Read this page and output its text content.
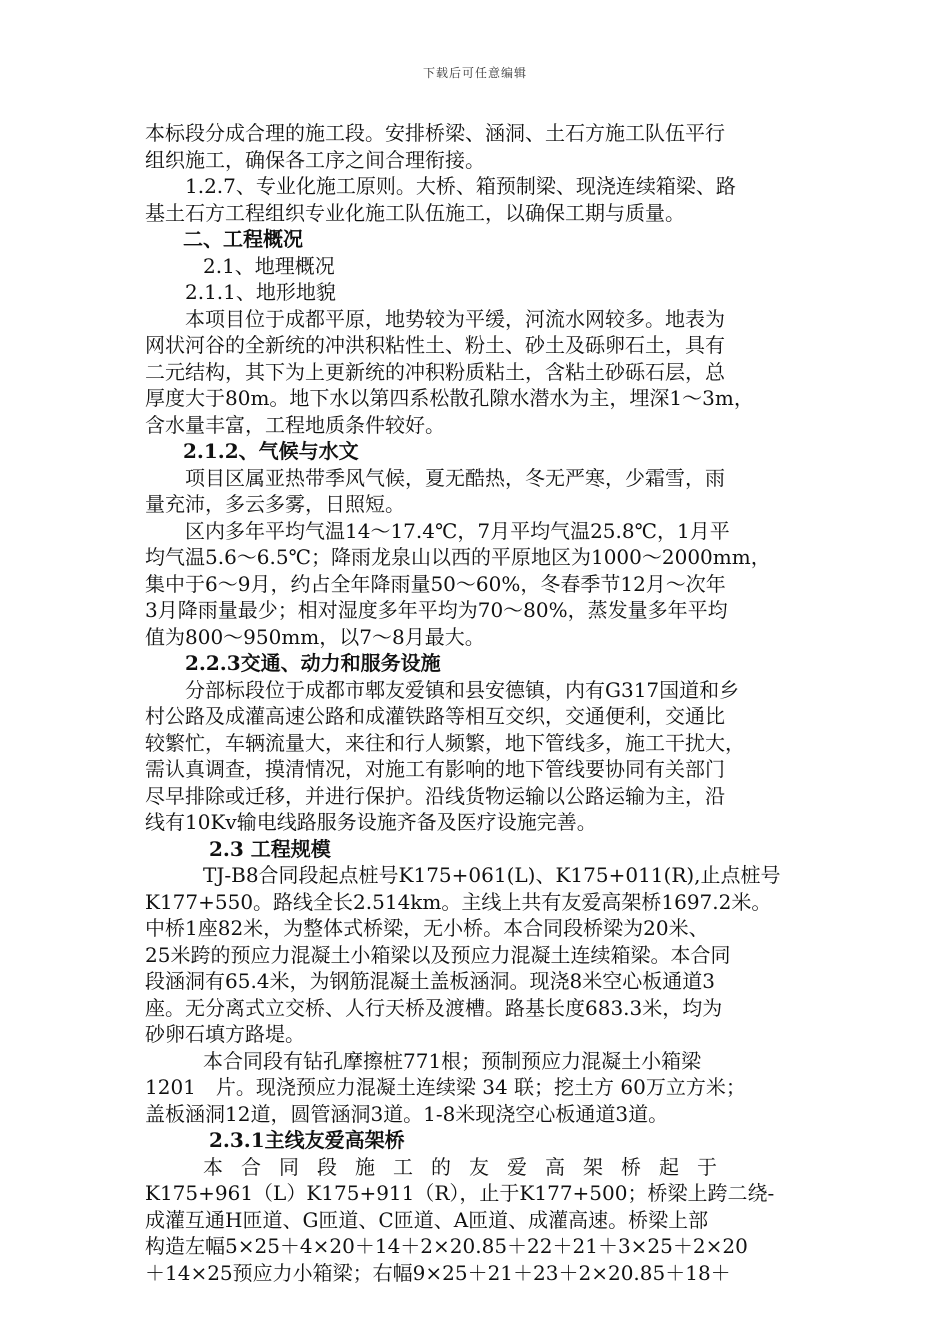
下载后可任意编辑
本标段分成合理的施工段。安排桥梁、涵洞、土石方施工队伍平行
组织施工，确保各工序之间合理衔接。
1.2.7、专业化施工原则。大桥、箱预制梁、现浇连续箱梁、路
基土石方工程组织专业化施工队伍施工，以确保工期与质量。
二、工程概况
2.1、地理概况
2.1.1、地形地貌
本项目位于成都平原，地势较为平缓，河流水网较多。地表为
网状河谷的全新统的冲洪积粘性土、粉土、砂土及砾卵石土，具有
二元结构，其下为上更新统的冲积粉质粘土，含粘土砂砾石层，总
厚度大于80m。地下水以第四系松散孔隙水潜水为主，埋深1～3m，
含水量丰富，工程地质条件较好。
2.1.2、气候与水文
项目区属亚热带季风气候，夏无酷热，冬无严寒，少霜雪，雨
量充沛，多云多雾，日照短。
区内多年平均气温14～17.4℃，7月平均气温25.8℃，1月平
均气温5.6～6.5℃；降雨龙泉山以西的平原地区为1000～2000mm，
集中于6～9月，约占全年降雨量50～60%，冬春季节12月～次年
3月降雨量最少；相对湿度多年平均为70～80%，蒸发量多年平均
值为800～950mm，以7～8月最大。
2.2.3交通、动力和服务设施
分部标段位于成都市郫友爱镇和县安德镇，内有G317国道和乡
村公路及成灌高速公路和成灌铁路等相互交织，交通便利，交通比
较繁忙，车辆流量大，来往和行人频繁，地下管线多，施工干扰大，
需认真调查，摸清情况，对施工有影响的地下管线要协同有关部门
尽早排除或迁移，并进行保护。沿线货物运输以公路运输为主，沿
线有10Kv输电线路服务设施齐备及医疗设施完善。
2.3 工程规模
TJ-B8合同段起点桩号K175+061(L)、K175+011(R),止点桩号
K177+550。路线全长2.514km。主线上共有友爱高架桥1697.2米。
中桥1座82米，为整体式桥梁，无小桥。本合同段桥梁为20米、
25米跨的预应力混凝土小箱梁以及预应力混凝土连续箱梁。本合同
段涵洞有65.4米，为钢筋混凝土盖板涵洞。现浇8米空心板通道3
座。无分离式立交桥、人行天桥及渡槽。路基长度683.3米，均为
砂卵石填方路堤。
本合同段有钻孔摩擦桩771根；预制预应力混凝土小箱梁
1201　片。现浇预应力混凝土连续梁 34 联；挖土方 60万立方米；
盖板涵洞12道，圆管涵洞3道。1-8米现浇空心板通道3道。
2.3.1主线友爱高架桥
本合同段施工的友爱高架桥起于
K175+961（L）K175+911（R），止于K177+500；桥梁上跨二绕-
成灌互通H匝道、G匝道、C匝道、A匝道、成灌高速。桥梁上部
构造左幅5×25＋4×20＋14＋2×20.85＋22＋21＋3×25＋2×20
＋14×25预应力小箱梁；右幅9×25＋21＋23＋2×20.85＋18＋
